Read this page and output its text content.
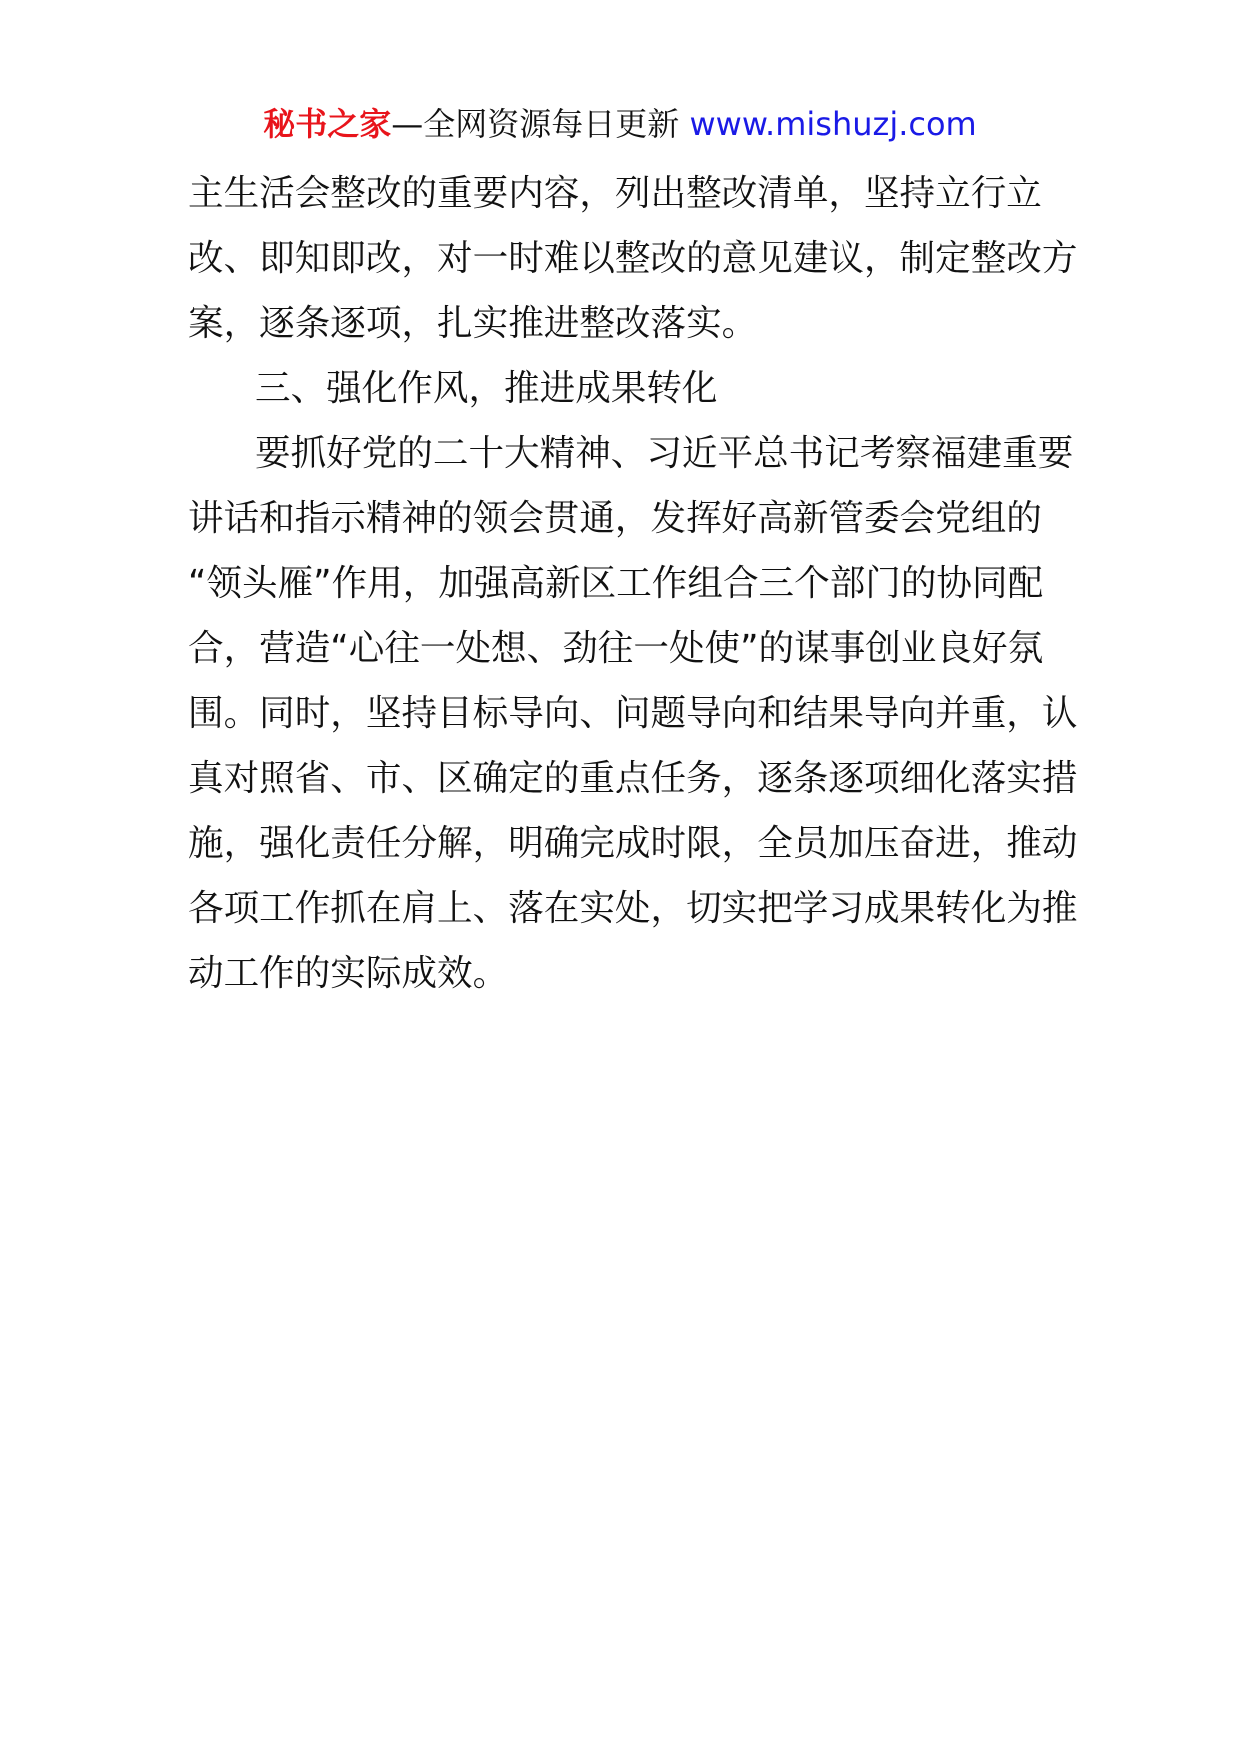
秘书之家—全网资源每日更新 www.mishuzj.com
主生活会整改的重要内容，列出整改清单，坚持立行立
改、即知即改，对一时难以整改的意见建议，制定整改方
案，逐条逐项，扎实推进整改落实。
三、强化作风，推进成果转化
要抓好党的二十大精神、习近平总书记考察福建重要
讲话和指示精神的领会贯通，发挥好高新管委会党组的
“领头雁”作用，加强高新区工作组合三个部门的协同配
合，营造“心往一处想、劲往一处使”的谋事创业良好氛
围。同时，坚持目标导向、问题导向和结果导向并重，认
真对照省、市、区确定的重点任务，逐条逐项细化落实措
施，强化责任分解，明确完成时限，全员加压奋进，推动
各项工作抓在肩上、落在实处，切实把学习成果转化为推
动工作的实际成效。
